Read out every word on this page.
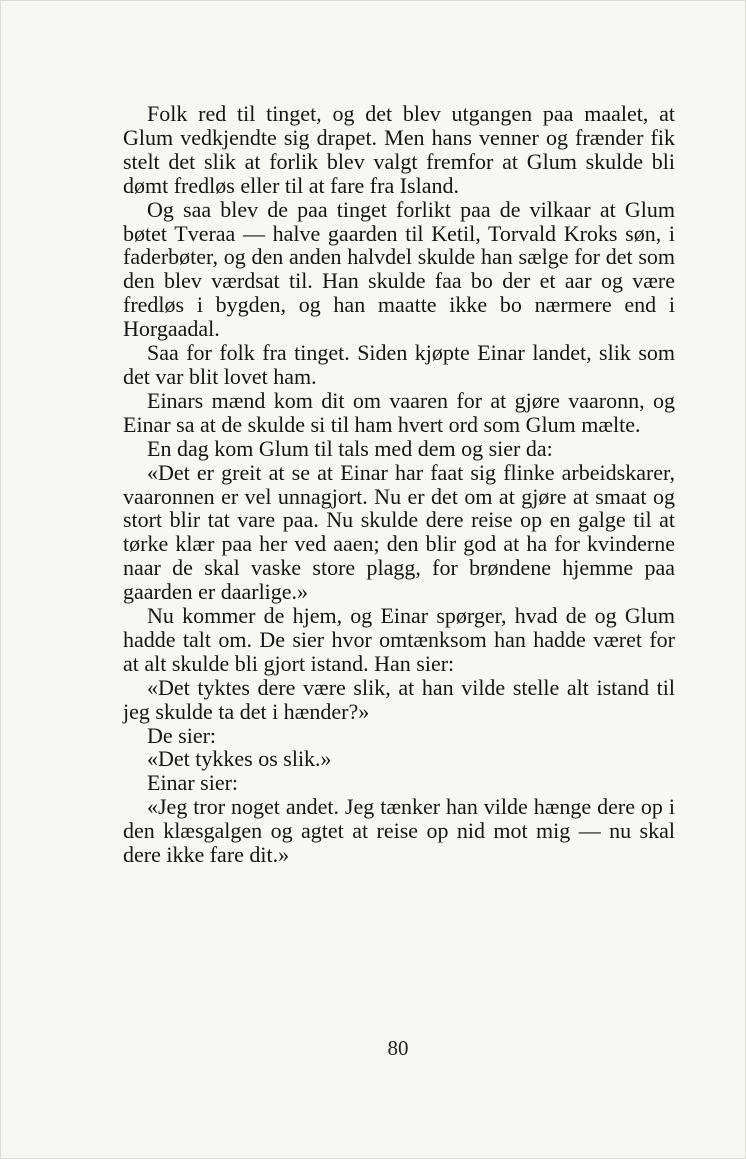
Folk red til tinget, og det blev utgangen paa maalet, at Glum vedkjendte sig drapet. Men hans venner og frænder fik stelt det slik at forlik blev valgt fremfor at Glum skulde bli dømt fredløs eller til at fare fra Island.

Og saa blev de paa tinget forlikt paa de vilkaar at Glum bøtet Tveraa — halve gaarden til Ketil, Torvald Kroks søn, i faderbøter, og den anden halvdel skulde han sælge for det som den blev værdsat til. Han skulde faa bo der et aar og være fredløs i bygden, og han maatte ikke bo nærmere end i Horgaadal.

Saa for folk fra tinget. Siden kjøpte Einar landet, slik som det var blit lovet ham.

Einars mænd kom dit om vaaren for at gjøre vaaronn, og Einar sa at de skulde si til ham hvert ord som Glum mælte.

En dag kom Glum til tals med dem og sier da:

«Det er greit at se at Einar har faat sig flinke arbeidskarer, vaaronnen er vel unnagjort. Nu er det om at gjøre at smaat og stort blir tat vare paa. Nu skulde dere reise op en galge til at tørke klær paa her ved aaen; den blir god at ha for kvinderne naar de skal vaske store plagg, for brøndene hjemme paa gaarden er daarlige.»

Nu kommer de hjem, og Einar spørger, hvad de og Glum hadde talt om. De sier hvor omtænksom han hadde været for at alt skulde bli gjort istand. Han sier:

«Det tyktes dere være slik, at han vilde stelle alt istand til jeg skulde ta det i hænder?»

De sier:

«Det tykkes os slik.»

Einar sier:

«Jeg tror noget andet. Jeg tænker han vilde hænge dere op i den klæsgalgen og agtet at reise op nid mot mig — nu skal dere ikke fare dit.»

80
